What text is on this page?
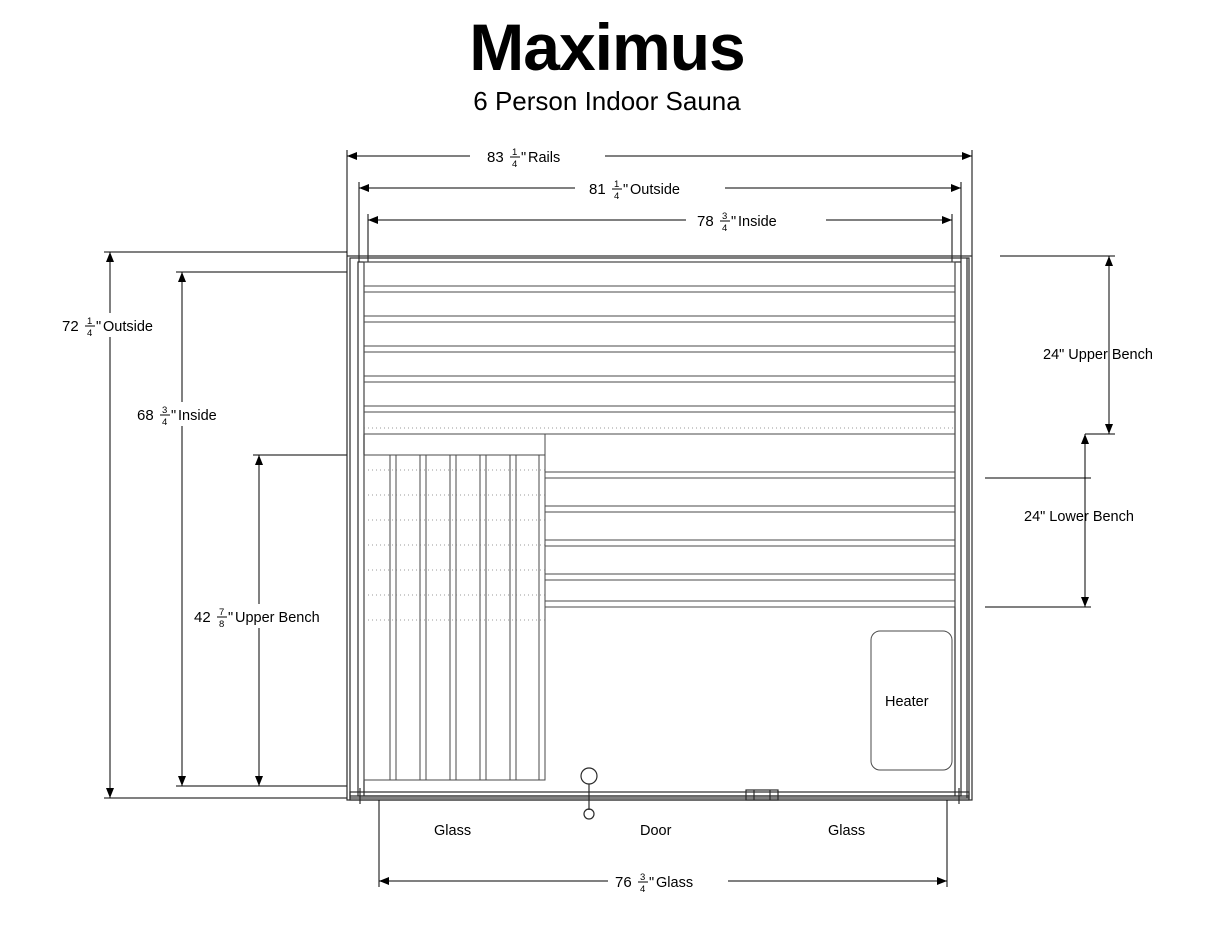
Maximus
6 Person Indoor Sauna
83 1
4 " Rails
81 1
4 " Outside
78 3
4 " Inside
72 1
4 " Outside
68 3
4 " Inside
42 7
8 " Upper Bench
24" Upper Bench
24" Lower Bench
Heater
Glass	Door	Glass
76 3
4 " Glass
